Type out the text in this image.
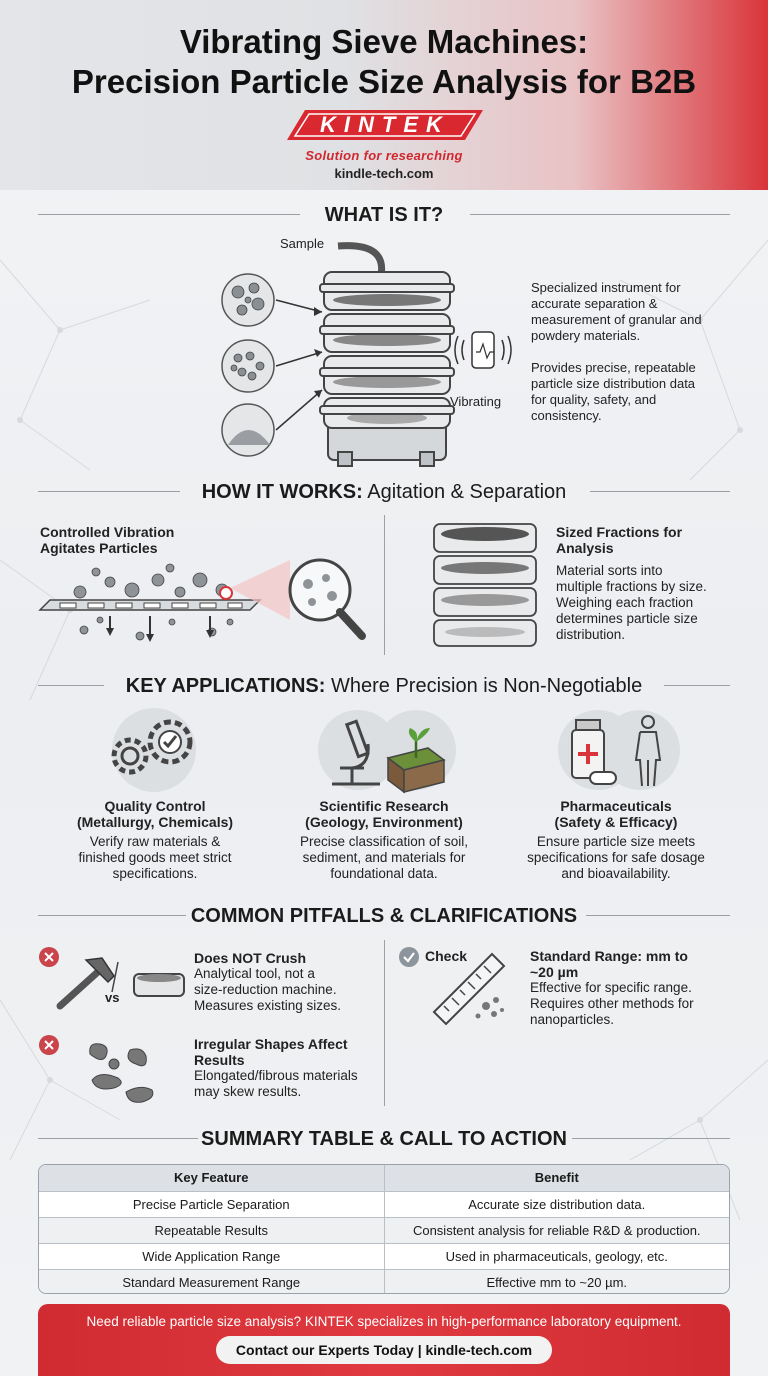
Vibrating Sieve Machines:
Precision Particle Size Analysis for B2B
KINTEK
Solution for researching
kindle-tech.com
WHAT IS IT?
Sample
Vibrating
Specialized instrument for
accurate separation &
measurement of granular and
powdery materials.
Provides precise, repeatable
particle size distribution data
for quality, safety, and
consistency.
HOW IT WORKS: Agitation & Separation
Controlled Vibration
Agitates Particles
Sized Fractions for
Analysis
Material sorts into
multiple fractions by size.
Weighing each fraction
determines particle size
distribution.
KEY APPLICATIONS: Where Precision is Non-Negotiable
Quality Control
(Metallurgy, Chemicals)
Verify raw materials &
finished goods meet strict
specifications.
Scientific Research
(Geology, Environment)
Precise classification of soil,
sediment, and materials for
foundational data.
Pharmaceuticals
(Safety & Efficacy)
Ensure particle size meets
specifications for safe dosage
and bioavailability.
COMMON PITFALLS & CLARIFICATIONS
vs
Does NOT Crush
Analytical tool, not a
size-reduction machine.
Measures existing sizes.
Irregular Shapes Affect
Results
Elongated/fibrous materials
may skew results.
Check	Standard Range: mm to
~20 µm
Effective for specific range.
Requires other methods for
nanoparticles.
SUMMARY TABLE & CALL TO ACTION
Key Feature	Benefit
Precise Particle Separation	Accurate size distribution data.
Repeatable Results	Consistent analysis for reliable R&D & production.
Wide Application Range	Used in pharmaceuticals, geology, etc.
Standard Measurement Range	Effective mm to ~20 µm.
Need reliable particle size analysis? KINTEK specializes in high-performance laboratory equipment.
Contact our Experts Today | kindle-tech.com
